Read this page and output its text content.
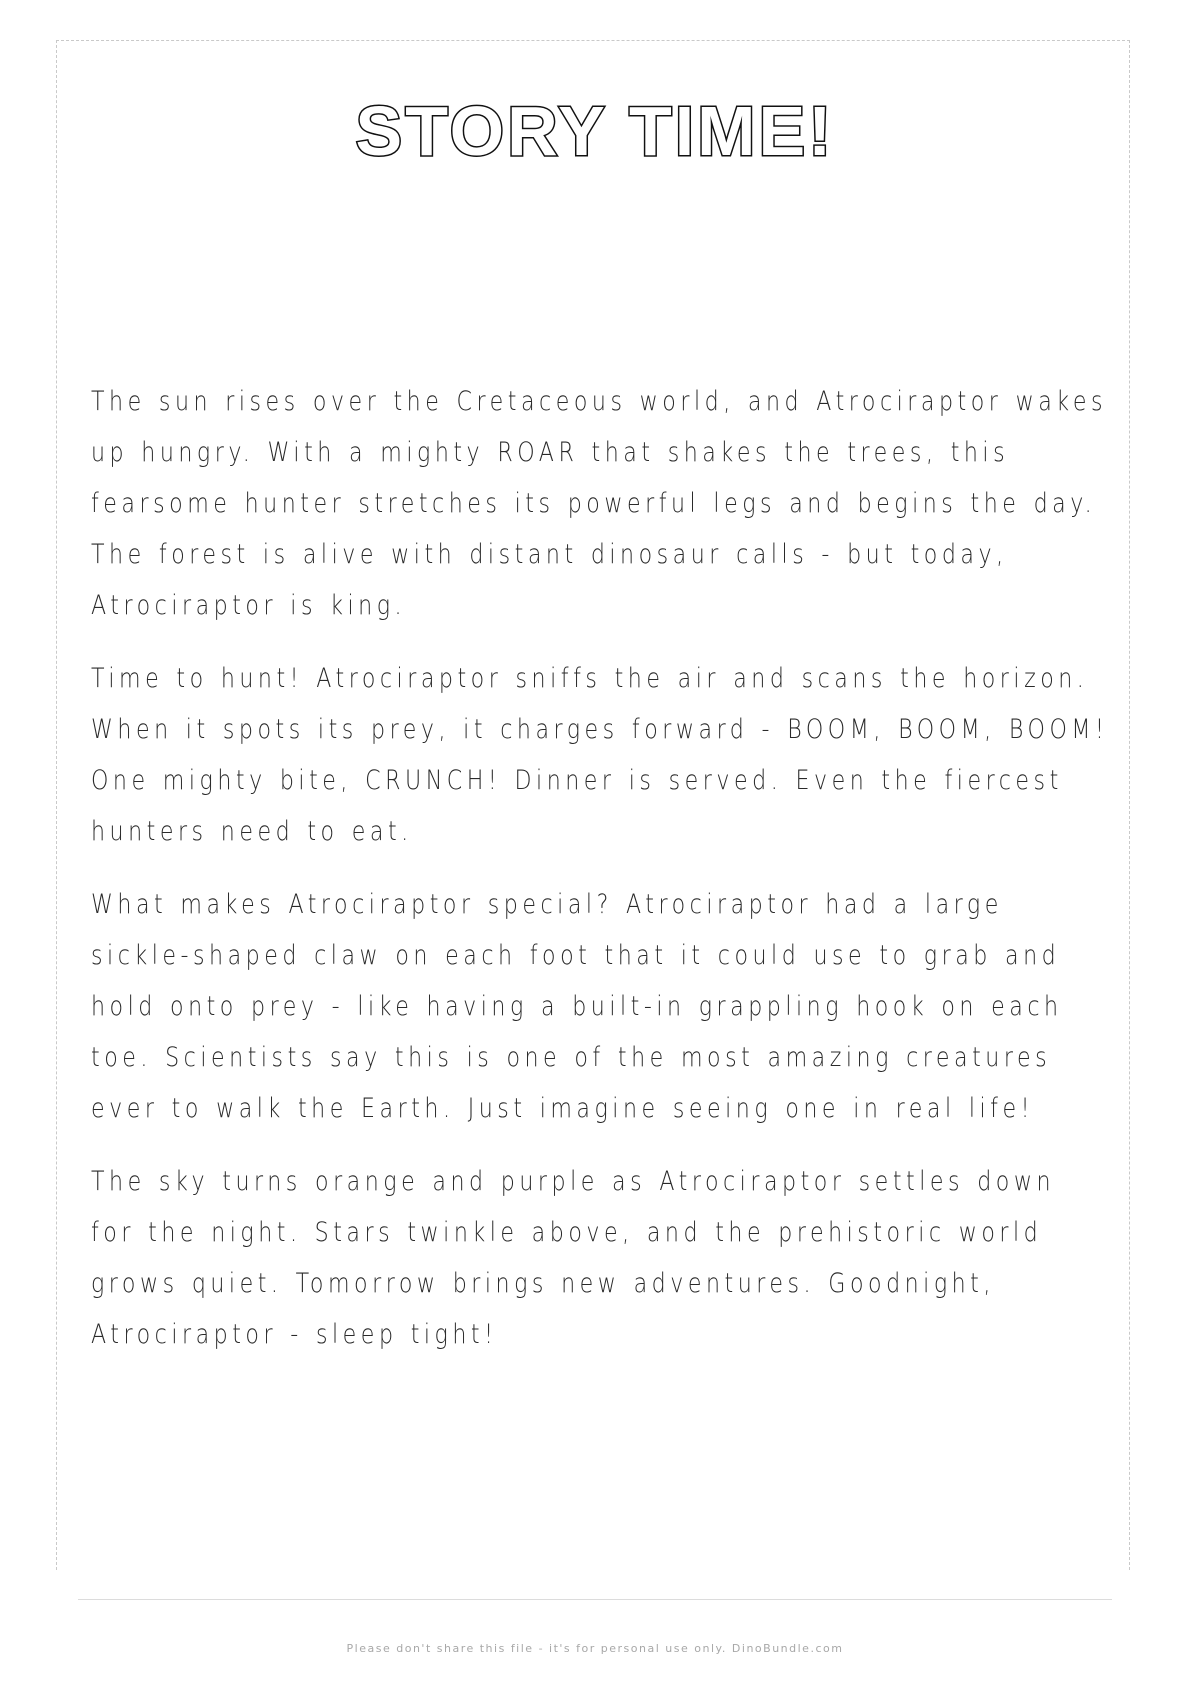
STORY TIME!

The sun rises over the Cretaceous world, and Atrociraptor wakes up hungry. With a mighty ROAR that shakes the trees, this fearsome hunter stretches its powerful legs and begins the day. The forest is alive with distant dinosaur calls - but today, Atrociraptor is king.

Time to hunt! Atrociraptor sniffs the air and scans the horizon. When it spots its prey, it charges forward - BOOM, BOOM, BOOM! One mighty bite, CRUNCH! Dinner is served. Even the fiercest hunters need to eat.

What makes Atrociraptor special? Atrociraptor had a large sickle-shaped claw on each foot that it could use to grab and hold onto prey - like having a built-in grappling hook on each toe. Scientists say this is one of the most amazing creatures ever to walk the Earth. Just imagine seeing one in real life!

The sky turns orange and purple as Atrociraptor settles down for the night. Stars twinkle above, and the prehistoric world grows quiet. Tomorrow brings new adventures. Goodnight, Atrociraptor - sleep tight!

Please don't share this file - it's for personal use only. DinoBundle.com
